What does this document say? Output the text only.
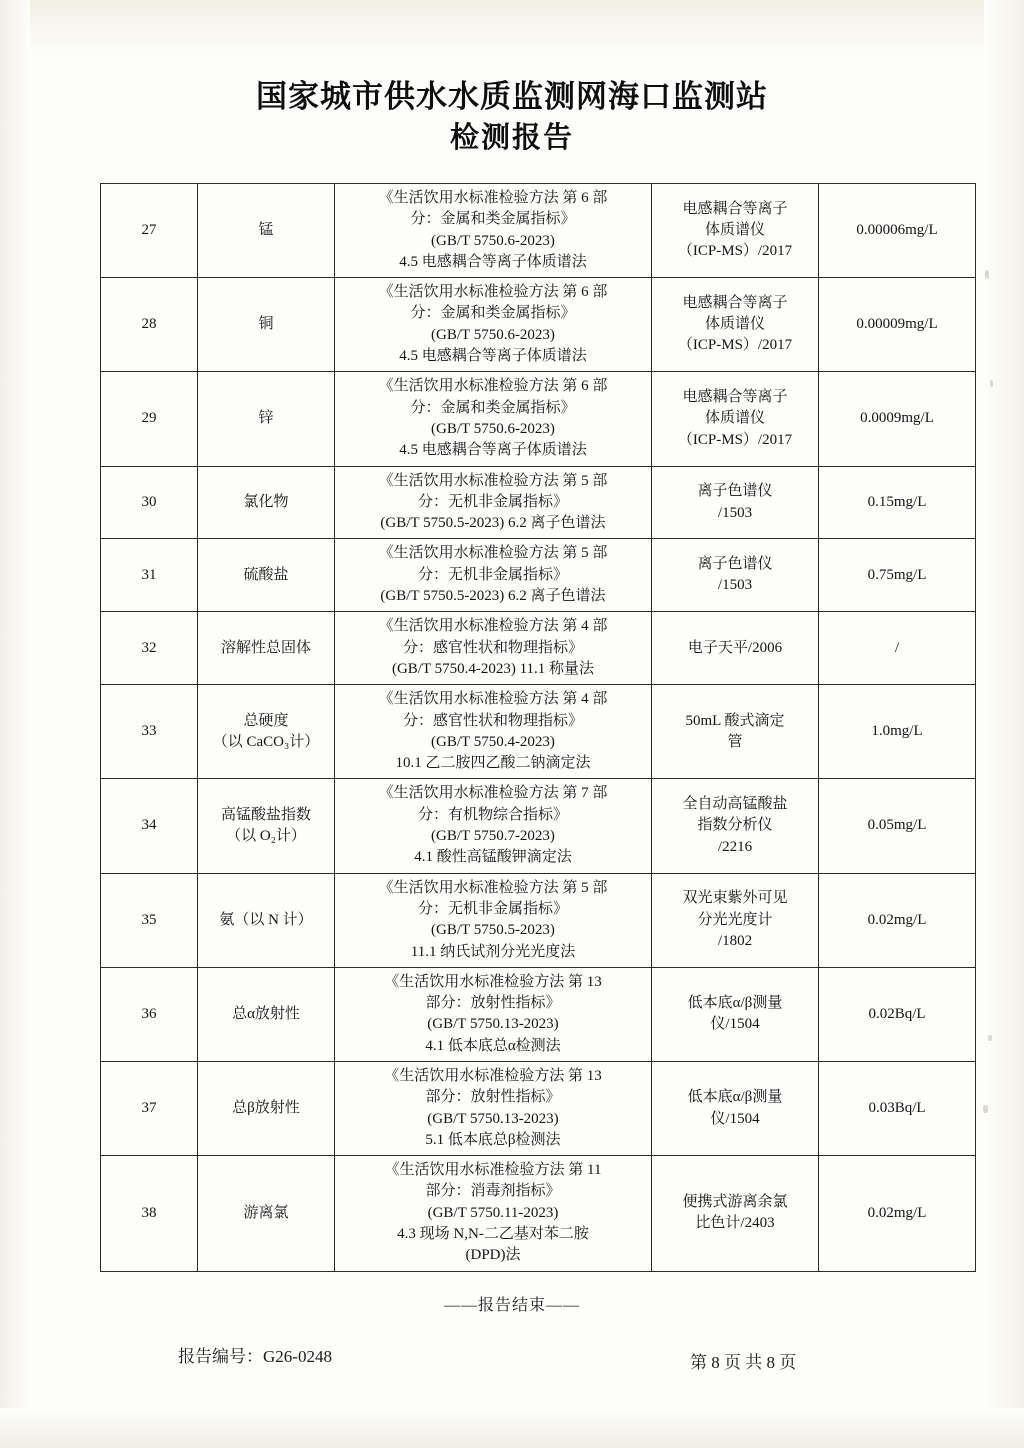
国家城市供水水质监测网海口监测站
检测报告
27	锰	《生活饮用水标准检验方法 第 6 部
分：金属和类金属指标》
(GB/T 5750.6-2023)
4.5 电感耦合等离子体质谱法	电感耦合等离子
体质谱仪
（ICP-MS）/2017	0.00006mg/L
28	铜	《生活饮用水标准检验方法 第 6 部
分：金属和类金属指标》
(GB/T 5750.6-2023)
4.5 电感耦合等离子体质谱法	电感耦合等离子
体质谱仪
（ICP-MS）/2017	0.00009mg/L
29	锌	《生活饮用水标准检验方法 第 6 部
分：金属和类金属指标》
(GB/T 5750.6-2023)
4.5 电感耦合等离子体质谱法	电感耦合等离子
体质谱仪
（ICP-MS）/2017	0.0009mg/L
30	氯化物	《生活饮用水标准检验方法 第 5 部
分：无机非金属指标》
(GB/T 5750.5-2023) 6.2 离子色谱法	离子色谱仪
/1503	0.15mg/L
31	硫酸盐	《生活饮用水标准检验方法 第 5 部
分：无机非金属指标》
(GB/T 5750.5-2023) 6.2 离子色谱法	离子色谱仪
/1503	0.75mg/L
32	溶解性总固体	《生活饮用水标准检验方法 第 4 部
分：感官性状和物理指标》
(GB/T 5750.4-2023) 11.1 称量法	电子天平/2006	/
33	总硬度
（以 CaCO₃计）	《生活饮用水标准检验方法 第 4 部
分：感官性状和物理指标》
(GB/T 5750.4-2023)
10.1 乙二胺四乙酸二钠滴定法	50mL 酸式滴定
管	1.0mg/L
34	高锰酸盐指数
（以 O₂计）	《生活饮用水标准检验方法 第 7 部
分：有机物综合指标》
(GB/T 5750.7-2023)
4.1 酸性高锰酸钾滴定法	全自动高锰酸盐
指数分析仪
/2216	0.05mg/L
35	氨（以 N 计）	《生活饮用水标准检验方法 第 5 部
分：无机非金属指标》
(GB/T 5750.5-2023)
11.1 纳氏试剂分光光度法	双光束紫外可见
分光光度计
/1802	0.02mg/L
36	总α放射性	《生活饮用水标准检验方法 第 13
部分：放射性指标》
(GB/T 5750.13-2023)
4.1 低本底总α检测法	低本底α/β测量
仪/1504	0.02Bq/L
37	总β放射性	《生活饮用水标准检验方法 第 13
部分：放射性指标》
(GB/T 5750.13-2023)
5.1 低本底总β检测法	低本底α/β测量
仪/1504	0.03Bq/L
38	游离氯	《生活饮用水标准检验方法 第 11
部分：消毒剂指标》
(GB/T 5750.11-2023)
4.3 现场 N,N-二乙基对苯二胺
(DPD)法	便携式游离余氯
比色计/2403	0.02mg/L
——报告结束——
报告编号：G26-0248	第 8 页 共 8 页
